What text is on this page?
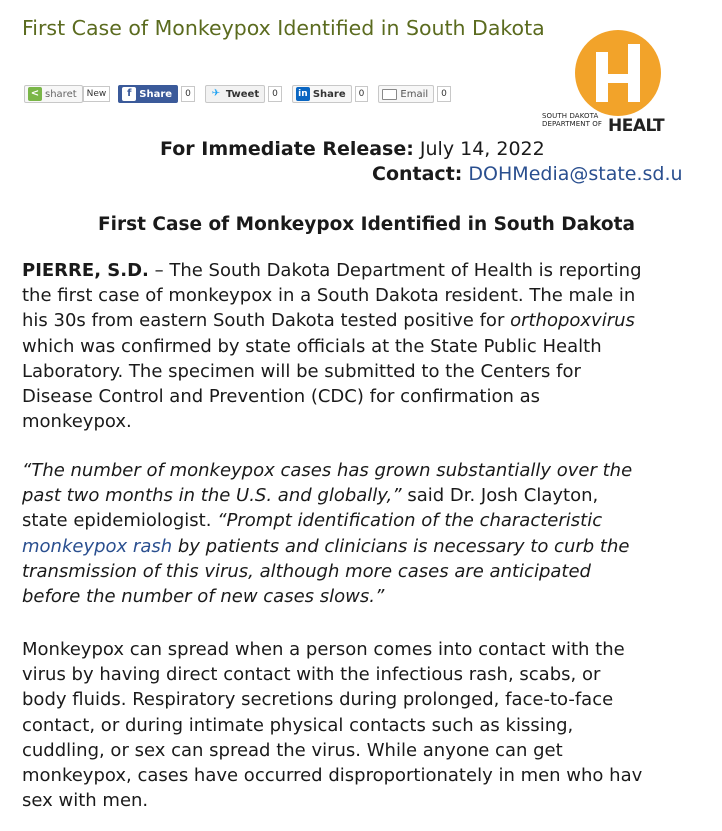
First Case of Monkeypox Identified in South Dakota
SOUTH DAKOTA
DEPARTMENT OF HEALT
< sharet	New	f Share	0	✈ Tweet	0	in Share	0	Email	0
For Immediate Release: July 14, 2022
Contact: DOHMedia@state.sd.u
First Case of Monkeypox Identified in South Dakota

PIERRE, S.D. – The South Dakota Department of Health is reporting
the first case of monkeypox in a South Dakota resident. The male in
his 30s from eastern South Dakota tested positive for orthopoxvirus
which was confirmed by state officials at the State Public Health
Laboratory. The specimen will be submitted to the Centers for
Disease Control and Prevention (CDC) for confirmation as
monkeypox.

“The number of monkeypox cases has grown substantially over the
past two months in the U.S. and globally,” said Dr. Josh Clayton,
state epidemiologist. “Prompt identification of the characteristic
monkeypox rash by patients and clinicians is necessary to curb the
transmission of this virus, although more cases are anticipated
before the number of new cases slows.”

Monkeypox can spread when a person comes into contact with the
virus by having direct contact with the infectious rash, scabs, or
body fluids. Respiratory secretions during prolonged, face-to-face
contact, or during intimate physical contacts such as kissing,
cuddling, or sex can spread the virus. While anyone can get
monkeypox, cases have occurred disproportionately in men who hav
sex with men.
